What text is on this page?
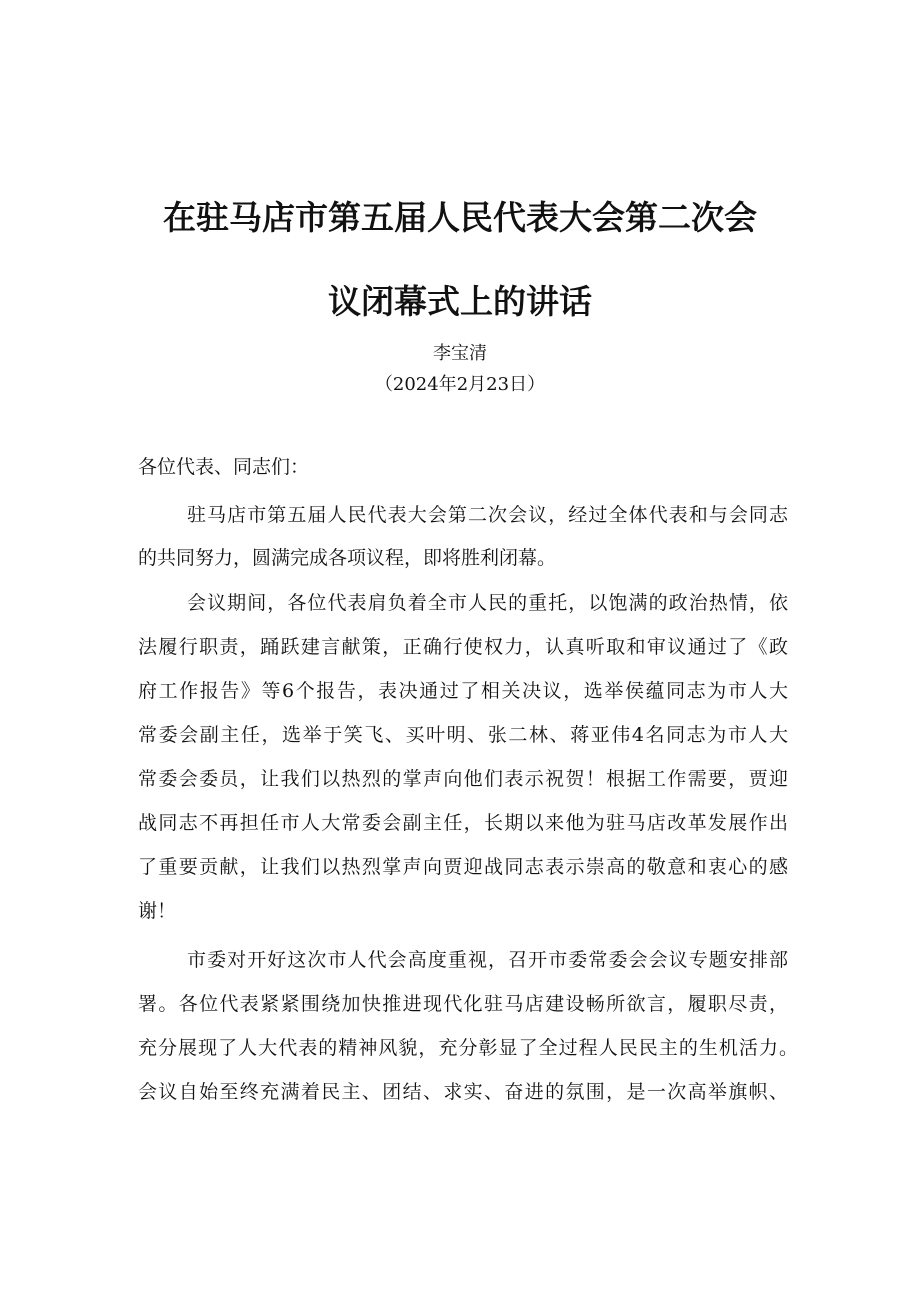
在驻马店市第五届人民代表大会第二次会
议闭幕式上的讲话
李宝清
（2024年2月23日）
各位代表、同志们：
驻马店市第五届人民代表大会第二次会议，经过全体代表和与会同志
的共同努力，圆满完成各项议程，即将胜利闭幕。
会议期间，各位代表肩负着全市人民的重托，以饱满的政治热情，依
法履行职责，踊跃建言献策，正确行使权力，认真听取和审议通过了《政
府工作报告》等6个报告，表决通过了相关决议，选举侯蕴同志为市人大
常委会副主任，选举于笑飞、买叶明、张二林、蒋亚伟4名同志为市人大
常委会委员，让我们以热烈的掌声向他们表示祝贺！根据工作需要，贾迎
战同志不再担任市人大常委会副主任，长期以来他为驻马店改革发展作出
了重要贡献，让我们以热烈掌声向贾迎战同志表示崇高的敬意和衷心的感
谢！
市委对开好这次市人代会高度重视，召开市委常委会会议专题安排部
署。各位代表紧紧围绕加快推进现代化驻马店建设畅所欲言，履职尽责，
充分展现了人大代表的精神风貌，充分彰显了全过程人民民主的生机活力。
会议自始至终充满着民主、团结、求实、奋进的氛围，是一次高举旗帜、
